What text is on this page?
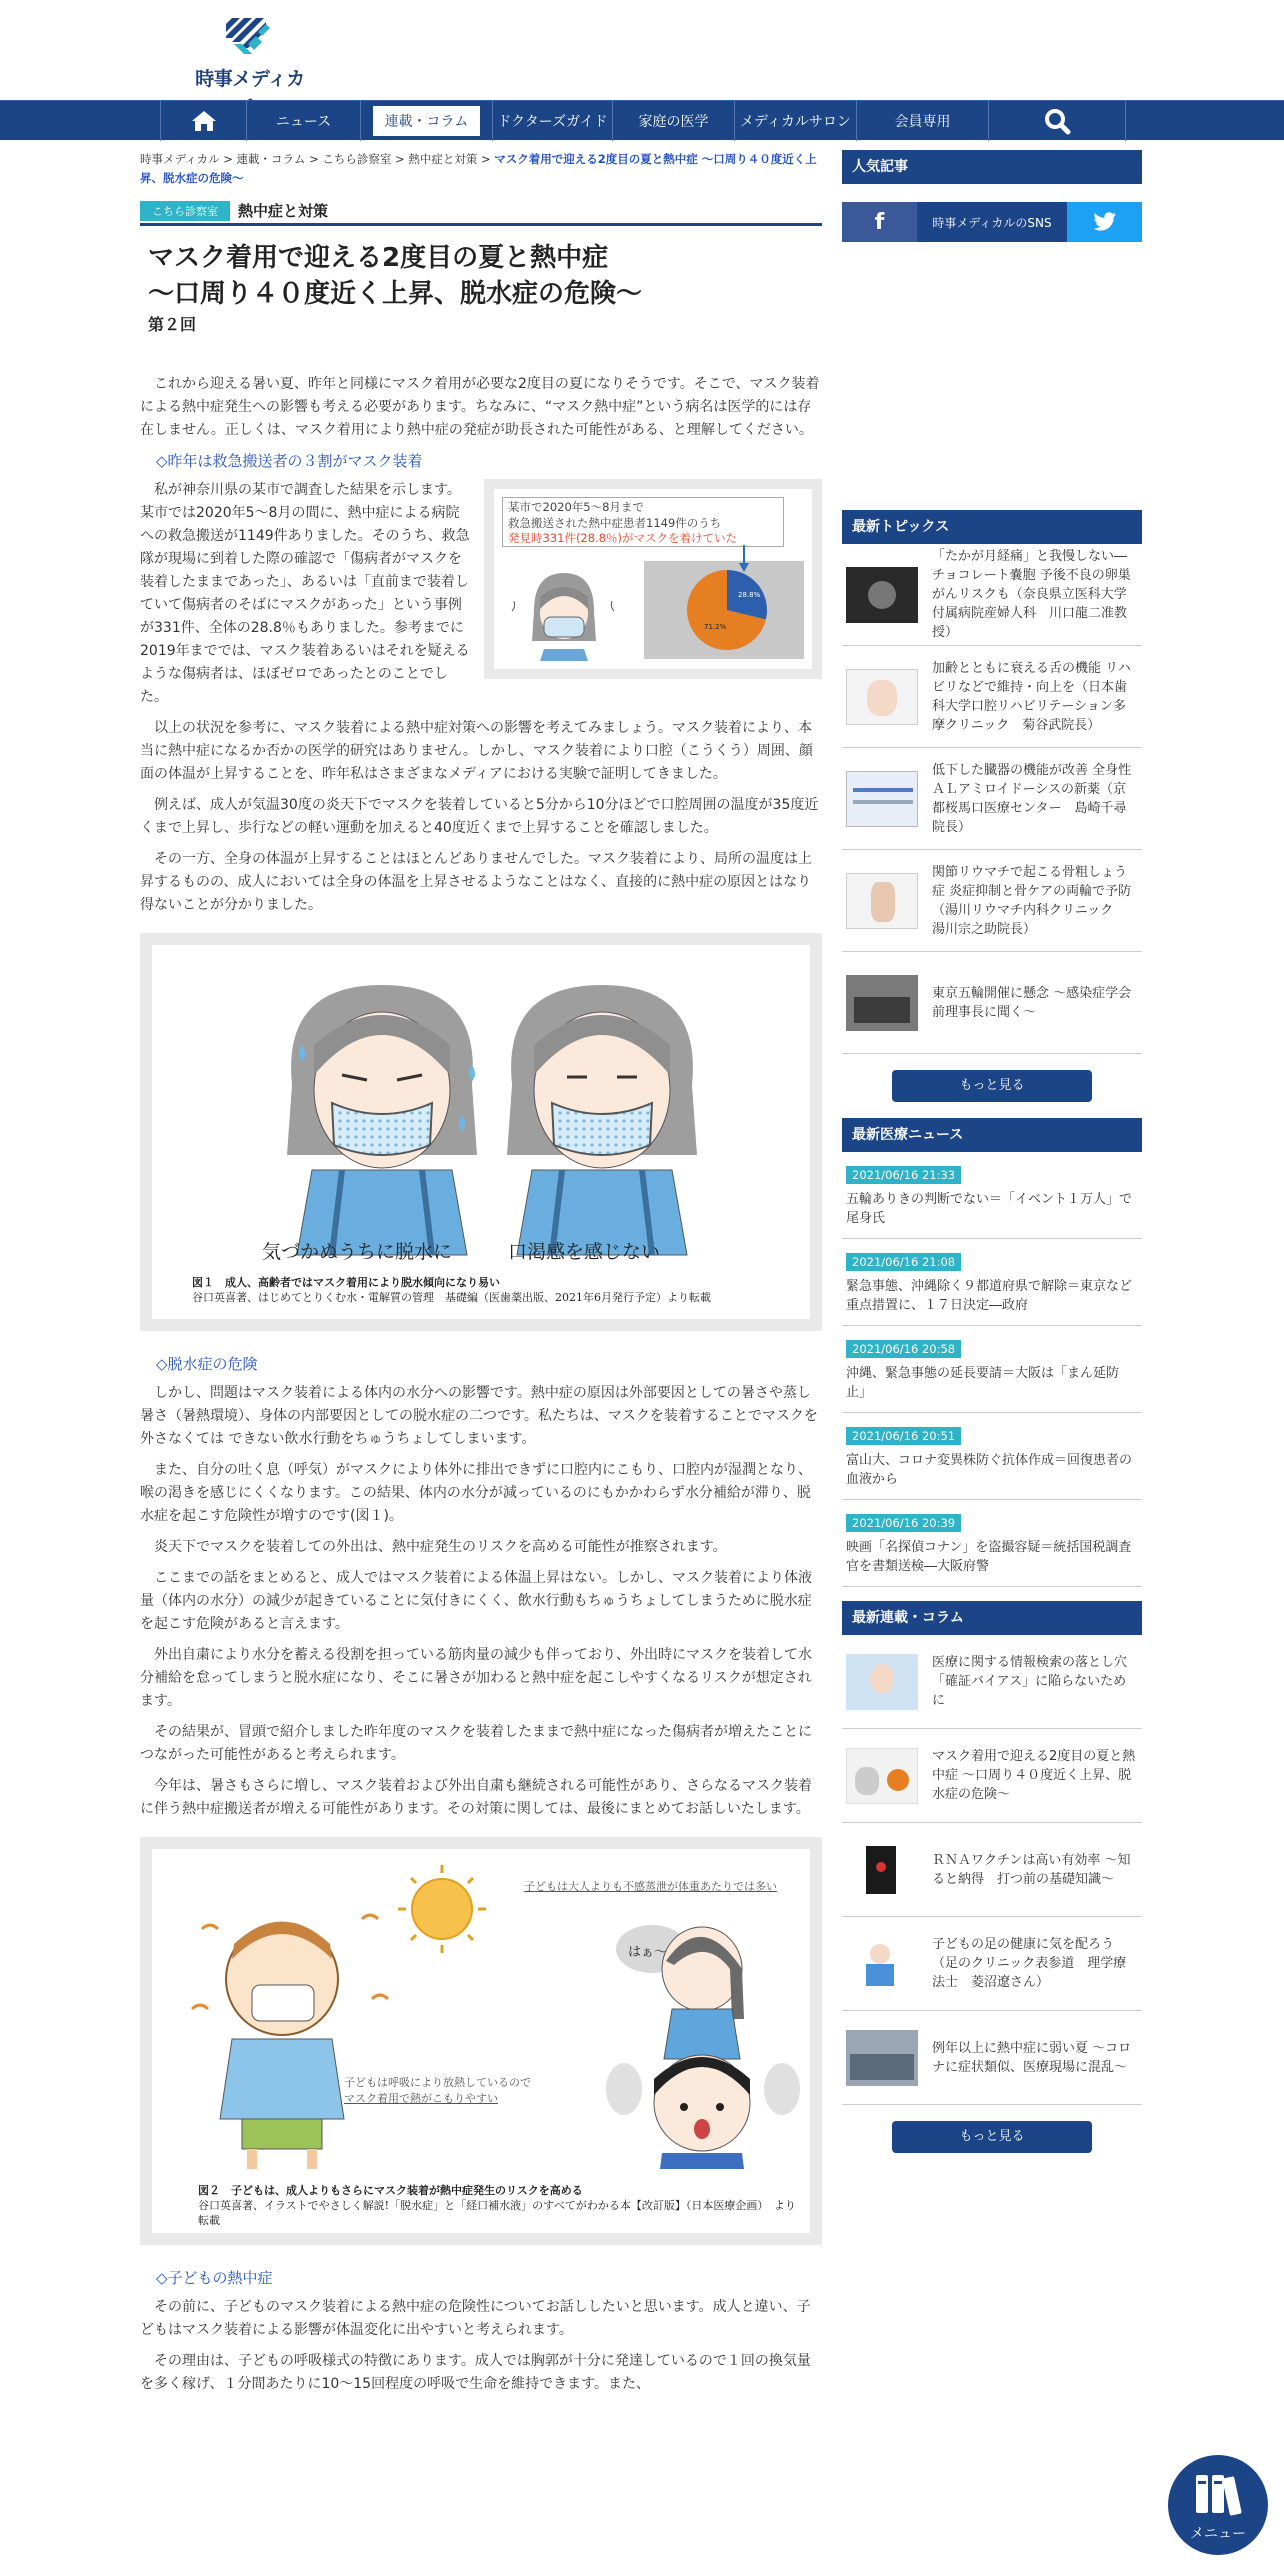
時事メディカ
ニュース	連載・コラム	ドクターズガイド 家庭の医学 メディカルサロン	会員専用
時事メディカル > 連載・コラム > こちら診察室 > 熱中症と対策 > マスク着用で迎える2度目の夏と熱中症 ～口周り４０度近く上昇、脱水症の危険～
こちら診察室	熱中症と対策
マスク着用で迎える2度目の夏と熱中症
～口周り４０度近く上昇、脱水症の危険～
第２回

これから迎える暑い夏、昨年と同様にマスク着用が必要な2度目の夏になりそうです。そこで、マスク装着による熱中症発生への影響も考える必要があります。ちなみに、“マスク熱中症”という病名は医学的には存在しません。正しくは、マスク着用により熱中症の発症が助長された可能性がある、と理解してください。

◇昨年は救急搬送者の３割がマスク装着
某市で2020年5～8月まで
救急搬送された熱中症患者1149件のうち
発見時331件(28.8％)がマスクを着けていた
71.2%
28.8%

私が神奈川県の某市で調査した結果を示します。某市では2020年5～8月の間に、熱中症による病院への救急搬送が1149件ありました。そのうち、救急隊が現場に到着した際の確認で「傷病者がマスクを装着したままであった」、あるいは「直前まで装着していて傷病者のそばにマスクがあった」という事例が331件、全体の28.8％もありました。参考までに2019年まででは、マスク装着あるいはそれを疑えるような傷病者は、ほぼゼロであったとのことでした。

以上の状況を参考に、マスク装着による熱中症対策への影響を考えてみましょう。マスク装着により、本当に熱中症になるか否かの医学的研究はありません。しかし、マスク装着により口腔（こうくう）周囲、顔面の体温が上昇することを、昨年私はさまざまなメディアにおける実験で証明してきました。

例えば、成人が気温30度の炎天下でマスクを装着していると5分から10分ほどで口腔周囲の温度が35度近くまで上昇し、歩行などの軽い運動を加えると40度近くまで上昇することを確認しました。

その一方、全身の体温が上昇することはほとんどありませんでした。マスク装着により、局所の温度は上昇するものの、成人においては全身の体温を上昇させるようなことはなく、直接的に熱中症の原因とはなり得ないことが分かりました。

気づかぬうちに脱水に	口渇感を感じない
図１　成人、高齢者ではマスク着用により脱水傾向になり易い
谷口英喜著、はじめてとりくむ水・電解質の管理　基礎編（医歯薬出版、2021年6月発行予定）より転載
◇脱水症の危険

しかし、問題はマスク装着による体内の水分への影響です。熱中症の原因は外部要因としての暑さや蒸し暑さ（暑熱環境）、身体の内部要因としての脱水症の二つです。私たちは、マスクを装着することでマスクを外さなくては できない飲水行動をちゅうちょしてしまいます。

また、自分の吐く息（呼気）がマスクにより体外に排出できずに口腔内にこもり、口腔内が湿潤となり、喉の渇きを感じにくくなります。この結果、体内の水分が減っているのにもかかわらず水分補給が滞り、脱水症を起こす危険性が増すのです(図１)。

炎天下でマスクを装着しての外出は、熱中症発生のリスクを高める可能性が推察されます。

ここまでの話をまとめると、成人ではマスク装着による体温上昇はない。しかし、マスク装着により体液量（体内の水分）の減少が起きていることに気付きにくく、飲水行動もちゅうちょしてしまうために脱水症を起こす危険があると言えます。

外出自粛により水分を蓄える役割を担っている筋肉量の減少も伴っており、外出時にマスクを装着して水分補給を怠ってしまうと脱水症になり、そこに暑さが加わると熱中症を起こしやすくなるリスクが想定されます。

その結果が、冒頭で紹介しました昨年度のマスクを装着したままで熱中症になった傷病者が増えたことにつながった可能性があると考えられます。

今年は、暑さもさらに増し、マスク装着および外出自粛も継続される可能性があり、さらなるマスク装着に伴う熱中症搬送者が増える可能性があります。その対策に関しては、最後にまとめてお話しいたします。

子どもは大人よりも不感蒸泄が体重あたりでは多い
はぁ〜
子どもは呼吸により放熱しているので
マスク着用で熱がこもりやすい
図２　子どもは、成人よりもさらにマスク装着が熱中症発生のリスクを高める
谷口英喜著、イラストでやさしく解説!「脱水症」と「経口補水液」のすべてがわかる本【改訂版】（日本医療企画）　より転載
◇子どもの熱中症

その前に、子どものマスク装着による熱中症の危険性についてお話ししたいと思います。成人と違い、子どもはマスク装着による影響が体温変化に出やすいと考えられます。

その理由は、子どもの呼吸様式の特徴にあります。成人では胸郭が十分に発達しているので１回の換気量を多く稼げ、１分間あたりに10～15回程度の呼吸で生命を維持できます。また、

人気記事
f	時事メディカルのSNS
最新トピックス
「たかが月経痛」と我慢しない―チョコレート嚢胞 予後不良の卵巣がんリスクも（奈良県立医科大学付属病院産婦人科　川口龍二准教授）
加齢とともに衰える舌の機能 リハビリなどで維持・向上を（日本歯科大学口腔リハビリテーション多摩クリニック　菊谷武院長）
低下した臓器の機能が改善 全身性ＡＬアミロイドーシスの新薬（京都桜馬口医療センター　島崎千尋院長）
関節リウマチで起こる骨粗しょう症 炎症抑制と骨ケアの両輪で予防（湯川リウマチ内科クリニック　湯川宗之助院長）
東京五輪開催に懸念 ～感染症学会前理事長に聞く～
もっと見る
最新医療ニュース
2021/06/16 21:33
五輪ありきの判断でない＝「イベント１万人」で尾身氏
2021/06/16 21:08
緊急事態、沖縄除く９都道府県で解除＝東京など重点措置に、１７日決定―政府
2021/06/16 20:58
沖縄、緊急事態の延長要請＝大阪は「まん延防止」
2021/06/16 20:51
富山大、コロナ変異株防ぐ抗体作成＝回復患者の血液から
2021/06/16 20:39
映画「名探偵コナン」を盗撮容疑＝統括国税調査官を書類送検―大阪府警
最新連載・コラム
医療に関する情報検索の落とし穴「確証バイアス」に陥らないために
マスク着用で迎える2度目の夏と熱中症 ～口周り４０度近く上昇、脱水症の危険～
ＲＮＡワクチンは高い有効率 ～知ると納得　打つ前の基礎知識～
子どもの足の健康に気を配ろう（足のクリニック表参道　理学療法士　菱沼遼さん）
例年以上に熱中症に弱い夏 ～コロナに症状類似、医療現場に混乱～
もっと見る
メニュー
